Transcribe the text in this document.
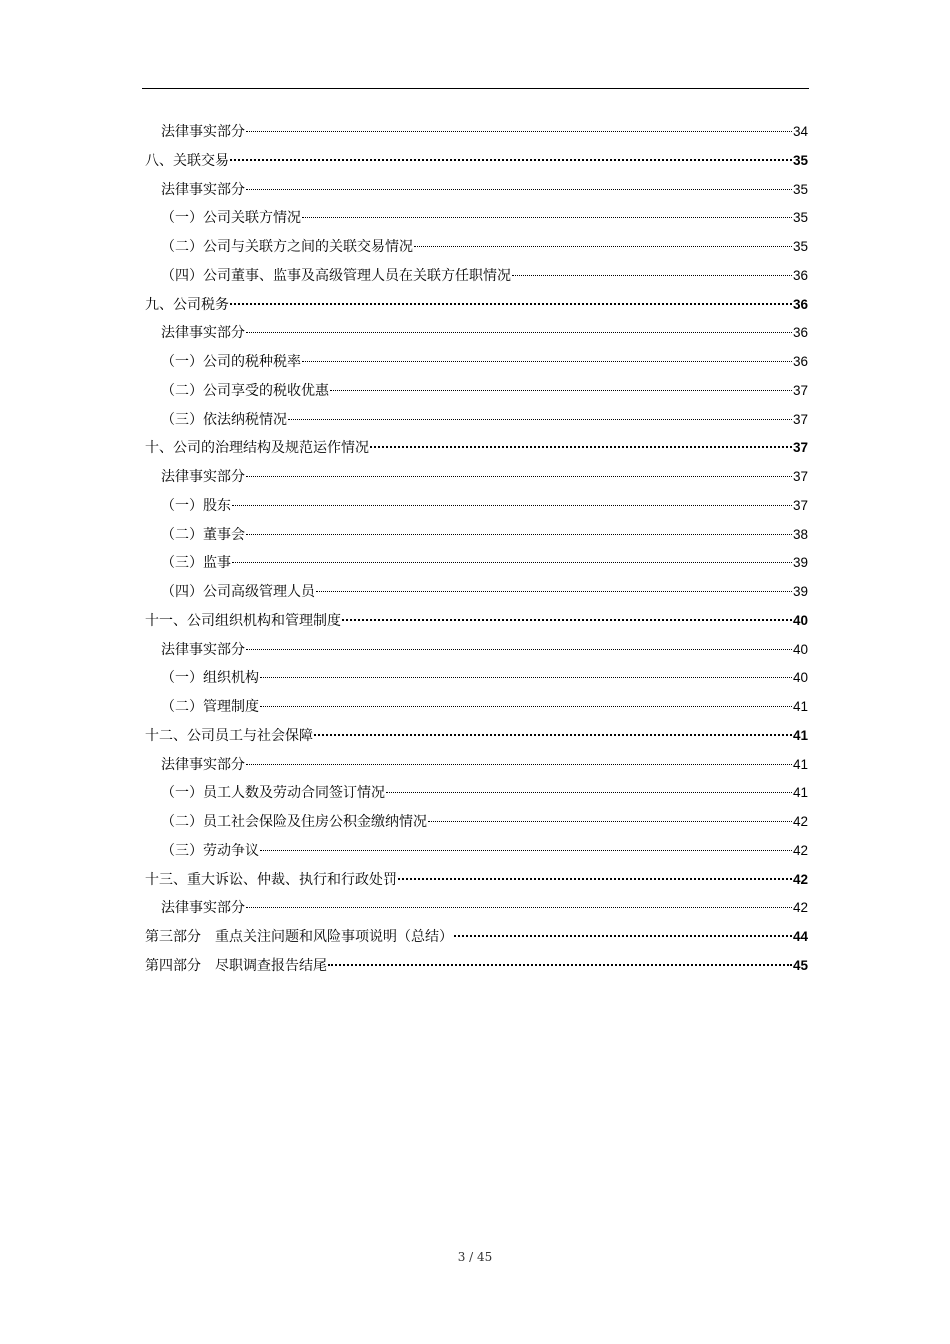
法律事实部分	34
八、关联交易	35
法律事实部分	35
（一）公司关联方情况	35
（二）公司与关联方之间的关联交易情况	35
（四）公司董事、监事及高级管理人员在关联方任职情况	36
九、公司税务	36
法律事实部分	36
（一）公司的税种税率	36
（二）公司享受的税收优惠	37
（三）依法纳税情况	37
十、公司的治理结构及规范运作情况	37
法律事实部分	37
（一）股东	37
（二）董事会	38
（三）监事	39
（四）公司高级管理人员	39
十一、公司组织机构和管理制度	40
法律事实部分	40
（一）组织机构	40
（二）管理制度	41
十二、公司员工与社会保障	41
法律事实部分	41
（一）员工人数及劳动合同签订情况	41
（二）员工社会保险及住房公积金缴纳情况	42
（三）劳动争议	42
十三、重大诉讼、仲裁、执行和行政处罚	42
法律事实部分	42
第三部分　重点关注问题和风险事项说明（总结）	44
第四部分　尽职调查报告结尾	45
3 / 45
